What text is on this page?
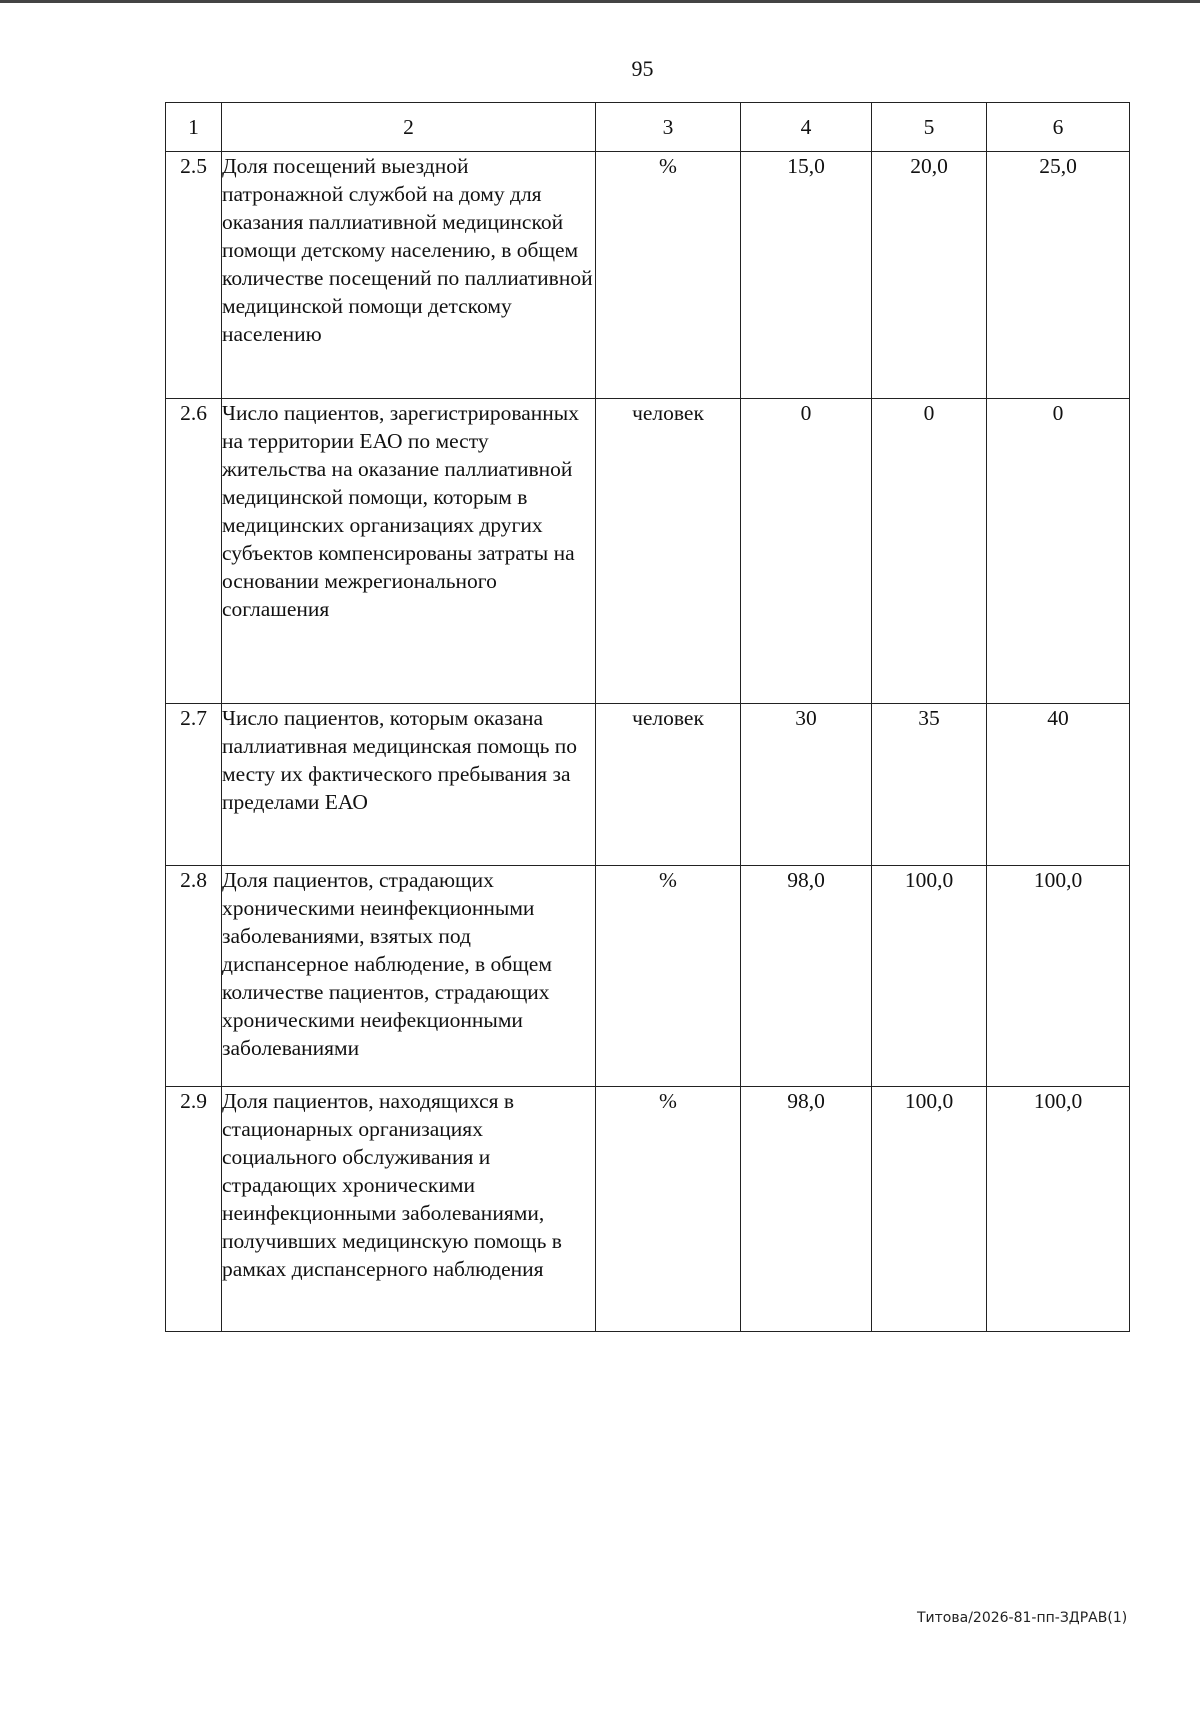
95
1	2	3	4	5	6
2.5	Доля посещений выездной патронажной службой на дому для оказания паллиативной медицинской помощи детскому населению, в общем количестве посещений по паллиативной медицинской помощи детскому населению	%	15,0	20,0	25,0
2.6	Число пациентов, зарегистрированных на территории ЕАО по месту жительства на оказание паллиативной медицинской помощи, которым в медицинских организациях других субъектов компенсированы затраты на основании межрегионального соглашения	человек	0	0	0
2.7	Число пациентов, которым оказана паллиативная медицинская помощь по месту их фактического пребывания за пределами ЕАО	человек	30	35	40
2.8	Доля пациентов, страдающих хроническими неинфекционными заболеваниями, взятых под диспансерное наблюдение, в общем количестве пациентов, страдающих хроническими неифекционными заболеваниями	%	98,0	100,0	100,0
2.9	Доля пациентов, находящихся в стационарных организациях социального обслуживания и страдающих хроническими неинфекционными заболеваниями, получивших медицинскую помощь в рамках диспансерного наблюдения	%	98,0	100,0	100,0
Титова/2026-81-пп-ЗДРАВ(1)
